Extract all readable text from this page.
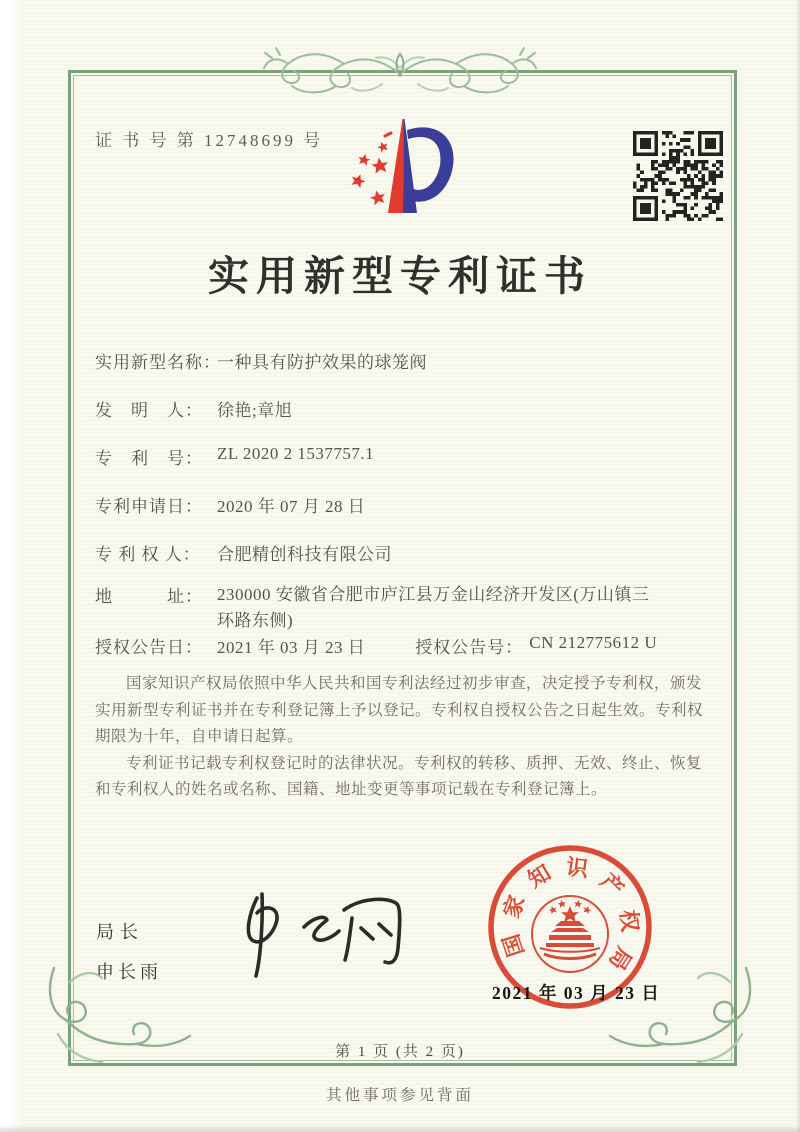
证 书 号 第 12748699 号
实用新型专利证书
实用新型名称：一种具有防护效果的球笼阀
发　明　人： 徐艳;章旭
专　利　号： ZL 2020 2 1537757.1
专利申请日： 2020 年 07 月 28 日
专 利 权 人： 合肥精创科技有限公司
地　　　址： 230000 安徽省合肥市庐江县万金山经济开发区(万山镇三环路东侧)
授权公告日： 2021 年 03 月 23 日	授权公告号： CN 212775612 U

国家知识产权局依照中华人民共和国专利法经过初步审查，决定授予专利权，颁发实用新型专利证书并在专利登记簿上予以登记。专利权自授权公告之日起生效。专利权期限为十年，自申请日起算。

专利证书记载专利权登记时的法律状况。专利权的转移、质押、无效、终止、恢复和专利权人的姓名或名称、国籍、地址变更等事项记载在专利登记簿上。

局长
申长雨
国
家
知 识
产
权
局
2021 年 03 月 23 日
第 1 页 (共 2 页)
其他事项参见背面
